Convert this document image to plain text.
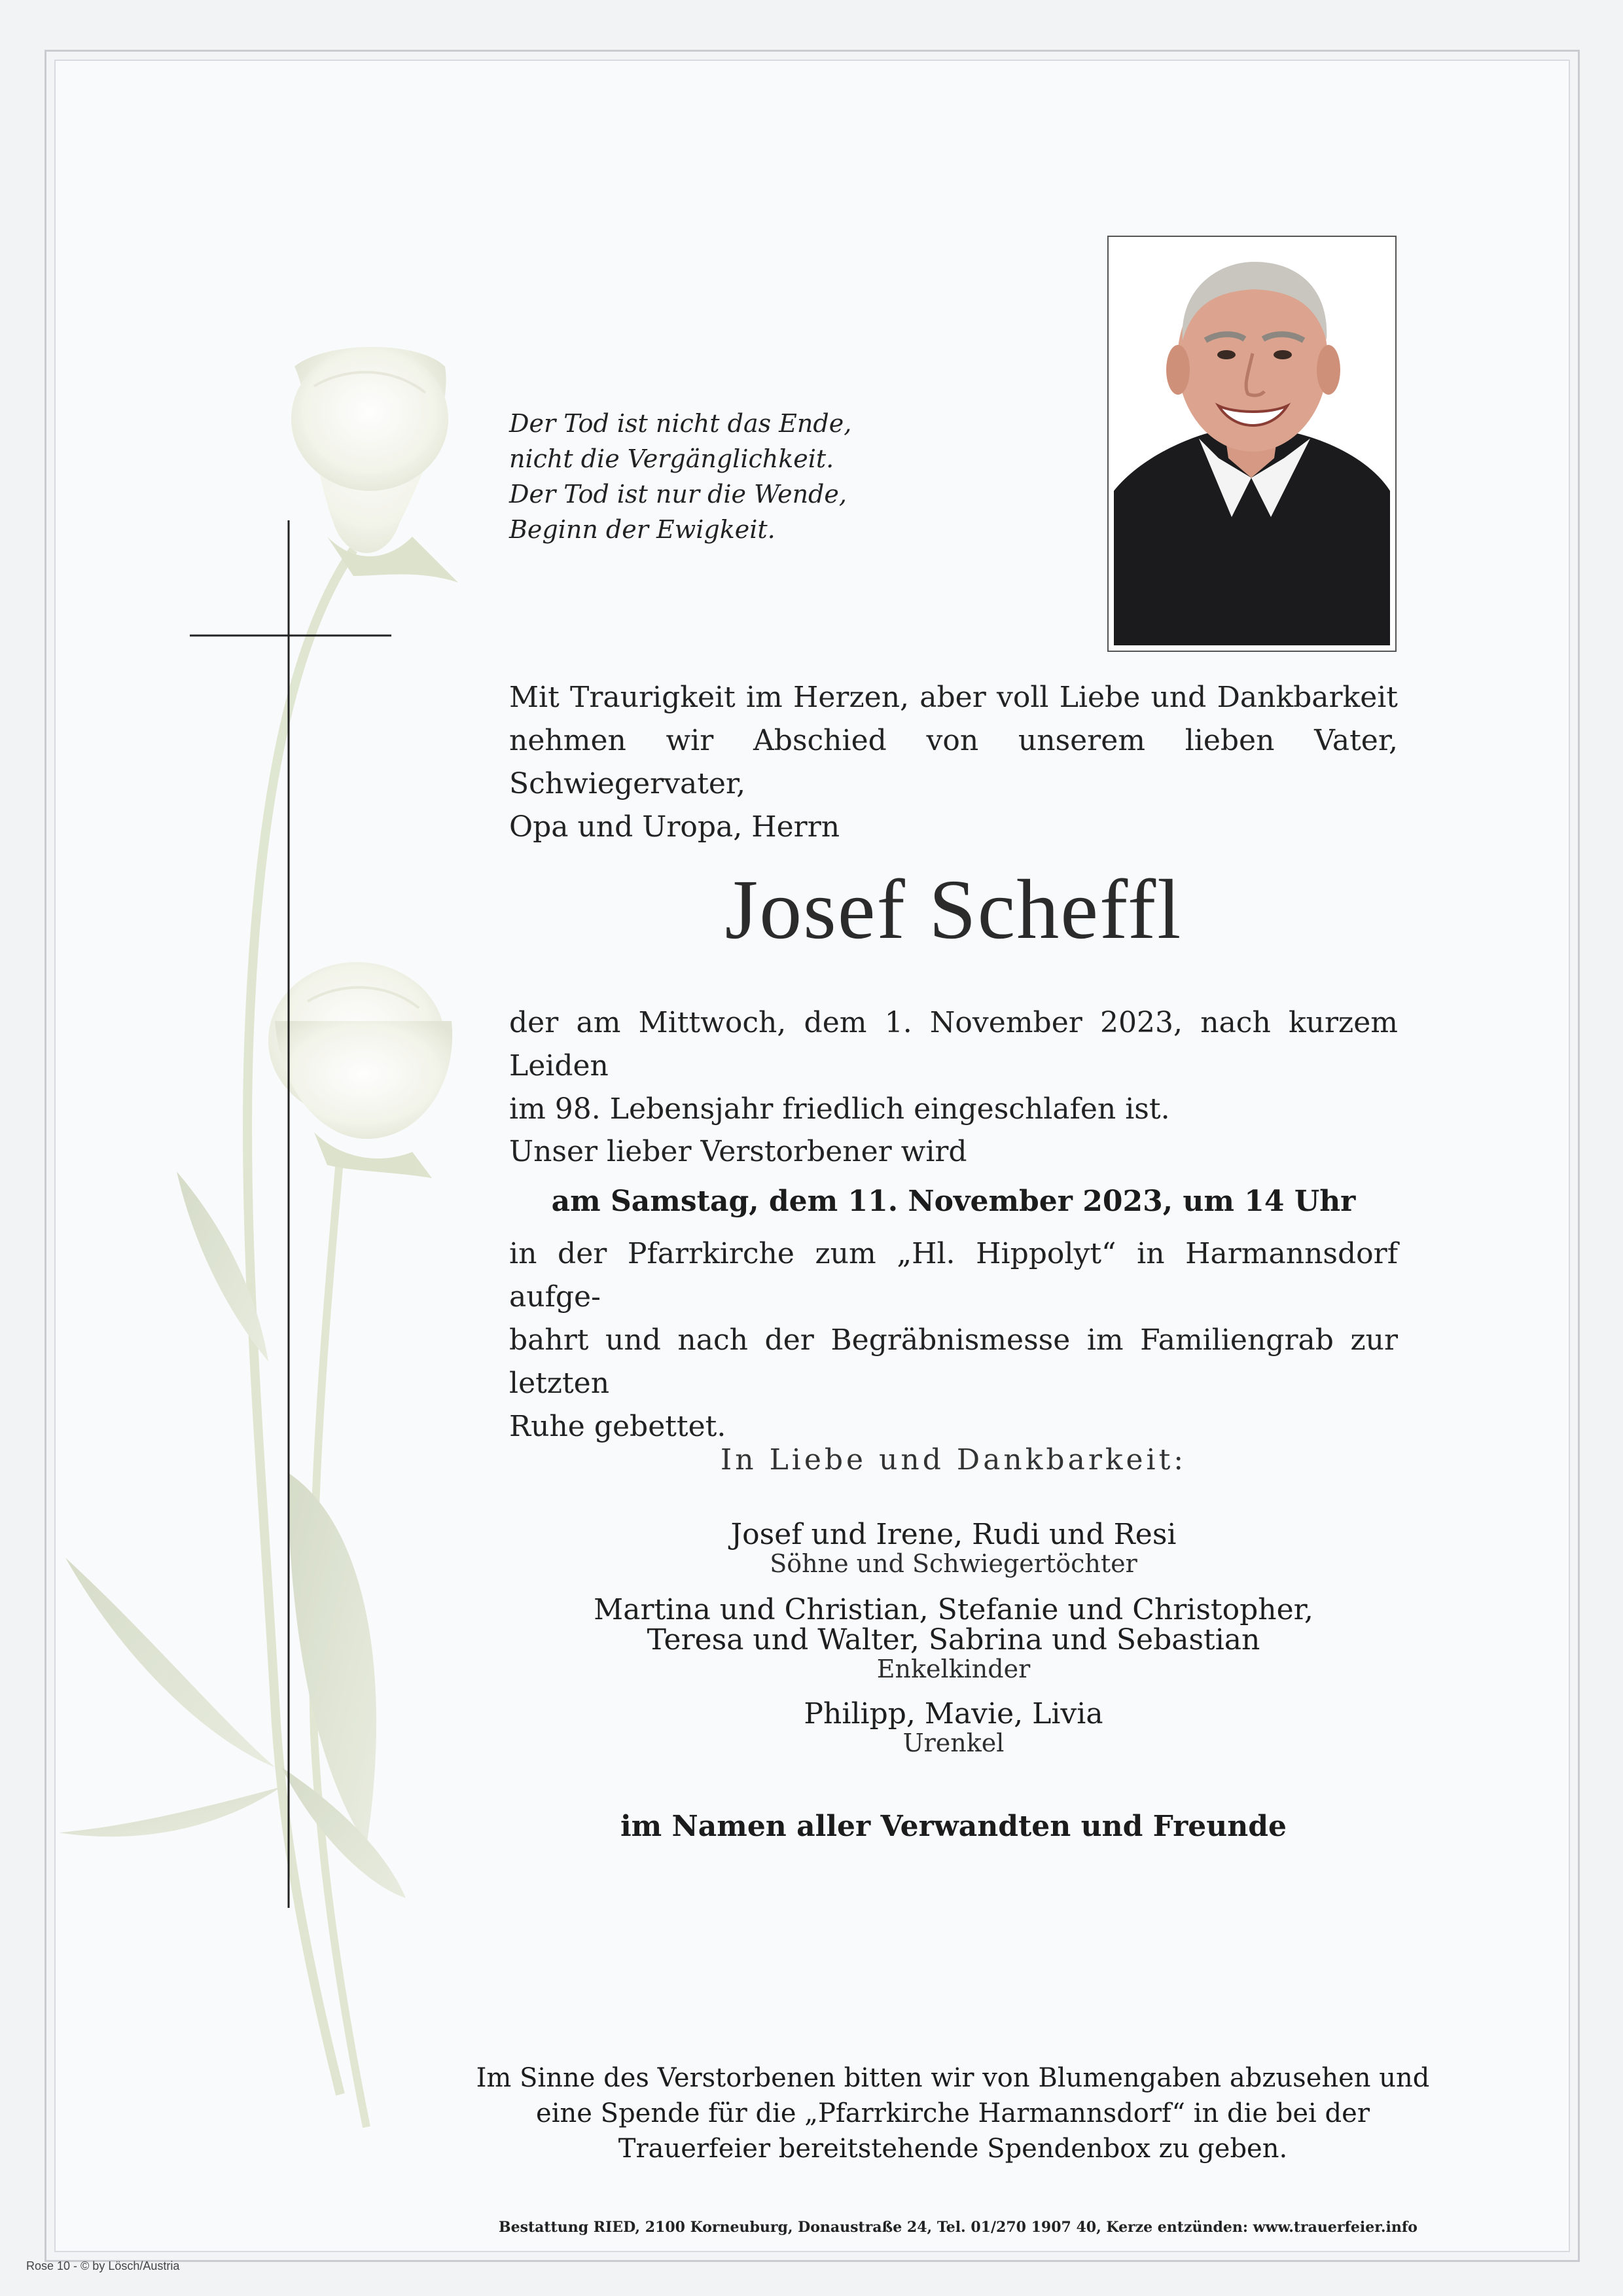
Der Tod ist nicht das Ende,
nicht die Vergänglichkeit.
Der Tod ist nur die Wende,
Beginn der Ewigkeit.
Mit Traurigkeit im Herzen, aber voll Liebe und Dankbarkeit
nehmen wir Abschied von unserem lieben Vater, Schwiegervater,
Opa und Uropa, Herrn
Josef Scheffl
der am Mittwoch, dem 1. November 2023, nach kurzem Leiden
im 98. Lebensjahr friedlich eingeschlafen ist.
Unser lieber Verstorbener wird
am Samstag, dem 11. November 2023, um 14 Uhr
in der Pfarrkirche zum „Hl. Hippolyt“ in Harmannsdorf aufge-
bahrt und nach der Begräbnismesse im Familiengrab zur letzten
Ruhe gebettet.
In Liebe und Dankbarkeit:
Josef und Irene, Rudi und Resi
Söhne und Schwiegertöchter
Martina und Christian, Stefanie und Christopher,
Teresa und Walter, Sabrina und Sebastian
Enkelkinder
Philipp, Mavie, Livia
Urenkel
im Namen aller Verwandten und Freunde
Im Sinne des Verstorbenen bitten wir von Blumengaben abzusehen und
eine Spende für die „Pfarrkirche Harmannsdorf“ in die bei der
Trauerfeier bereitstehende Spendenbox zu geben.
Bestattung RIED, 2100 Korneuburg, Donaustraße 24, Tel. 01/270 1907 40, Kerze entzünden: www.trauerfeier.info
Rose 10 - © by Lösch/Austria
